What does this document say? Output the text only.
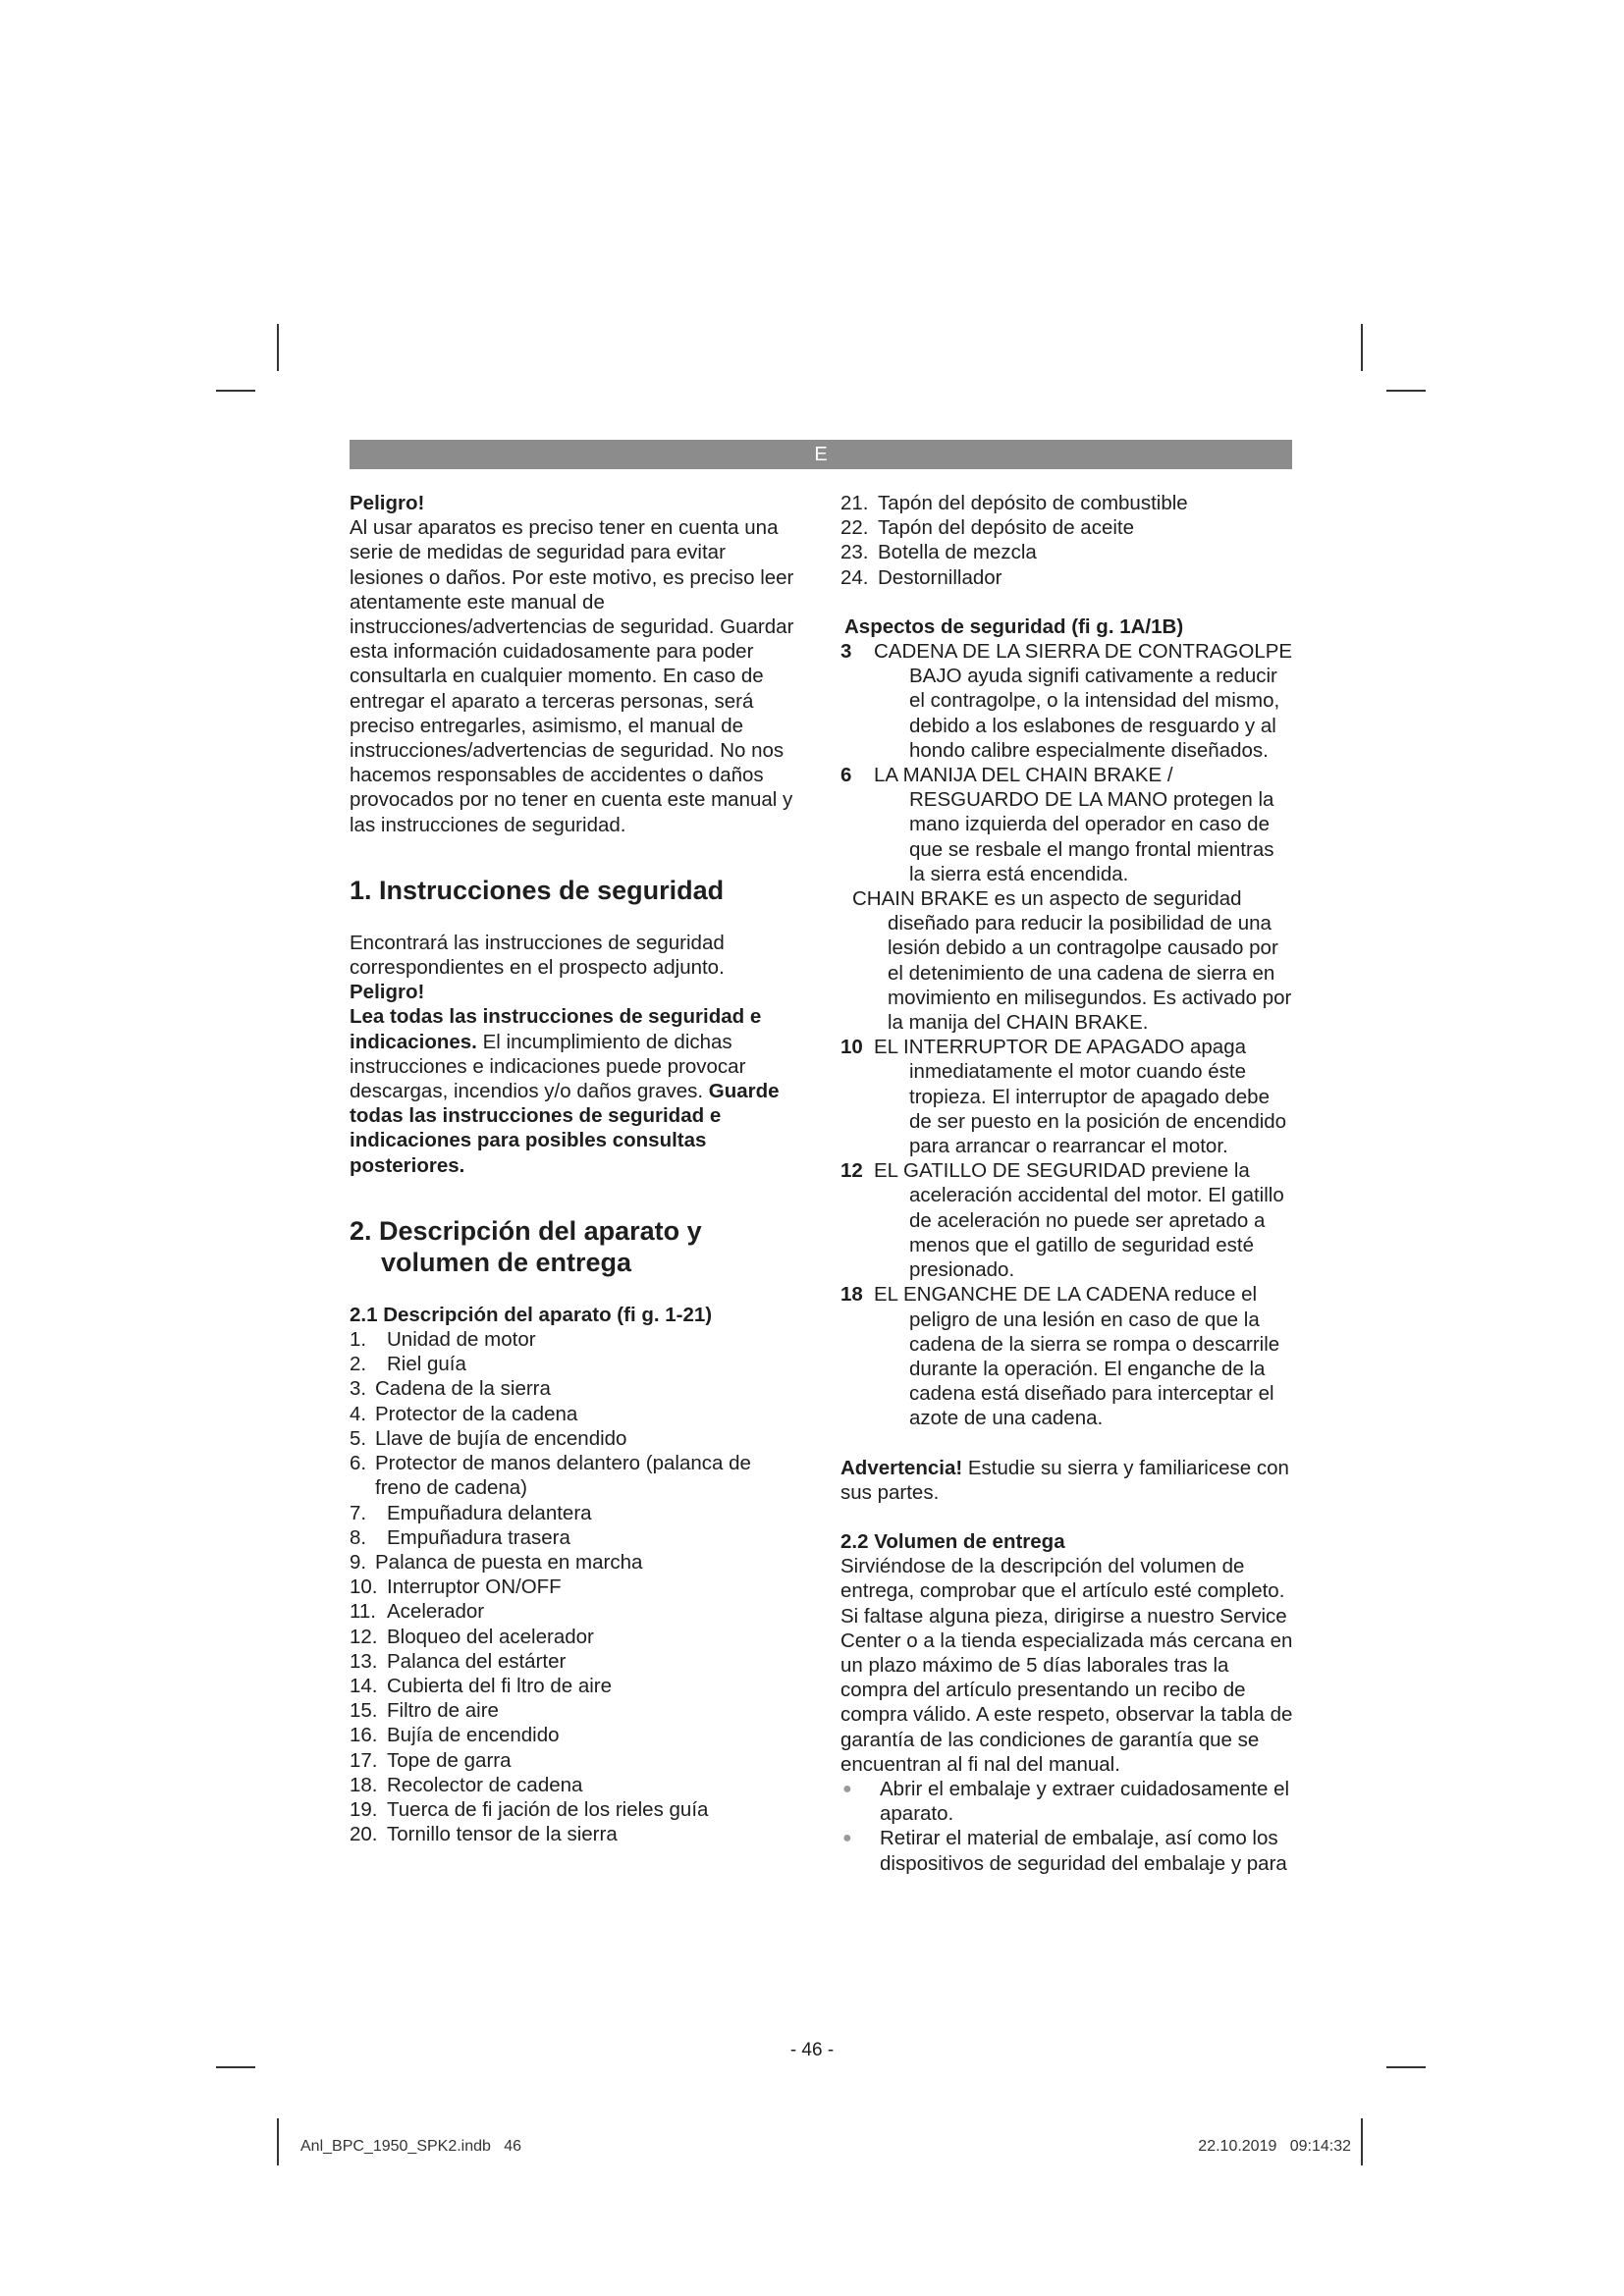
E

Peligro!

Al usar aparatos es preciso tener en cuenta una serie de medidas de seguridad para evitar lesiones o daños. Por este motivo, es preciso leer atentamente este manual de instrucciones/advertencias de seguridad. Guardar esta información cuidadosamente para poder consultarla en cualquier momento. En caso de entregar el aparato a terceras personas, será preciso entregarles, asimismo, el manual de instrucciones/advertencias de seguridad. No nos hacemos responsables de accidentes o daños provocados por no tener en cuenta este manual y las instrucciones de seguridad.

1. Instrucciones de seguridad

Encontrará las instrucciones de seguridad correspondientes en el prospecto adjunto.

Peligro!

Lea todas las instrucciones de seguridad e indicaciones. El incumplimiento de dichas instrucciones e indicaciones puede provocar descargas, incendios y/o daños graves. Guarde todas las instrucciones de seguridad e indicaciones para posibles consultas posteriores.

2. Descripción del aparato y
volumen de entrega
2.1 Descripción del aparato (fi g. 1-21)
1.	Unidad de motor
2.	Riel guía
3. Cadena de la sierra
4. Protector de la cadena
5. Llave de bujía de encendido
6. Protector de manos delantero (palanca de freno de cadena)
7.	Empuñadura delantera
8.	Empuñadura trasera
9. Palanca de puesta en marcha
10. Interruptor ON/OFF
11. Acelerador
12. Bloqueo del acelerador
13. Palanca del estárter
14. Cubierta del fi ltro de aire
15. Filtro de aire
16. Bujía de encendido
17. Tope de garra
18. Recolector de cadena
19. Tuerca de fi jación de los rieles guía
20. Tornillo tensor de la sierra
21. Tapón del depósito de combustible
22. Tapón del depósito de aceite
23. Botella de mezcla
24. Destornillador
Aspectos de seguridad (fi g. 1A/1B)
3	CADENA DE LA SIERRA DE CONTRAGOLPE BAJO ayuda signifi cativamente a reducir el contragolpe, o la intensidad del mismo, debido a los eslabones de resguardo y al hondo calibre especialmente diseñados.
6	LA MANIJA DEL CHAIN BRAKE / RESGUARDO DE LA MANO protegen la mano izquierda del operador en caso de que se resbale el mango frontal mientras la sierra está encendida.

CHAIN BRAKE es un aspecto de seguridad diseñado para reducir la posibilidad de una lesión debido a un contragolpe causado por el detenimiento de una cadena de sierra en movimiento en milisegundos. Es activado por la manija del CHAIN BRAKE.

10 EL INTERRUPTOR DE APAGADO apaga inmediatamente el motor cuando éste tropieza. El interruptor de apagado debe de ser puesto en la posición de encendido para arrancar o rearrancar el motor.
12 EL GATILLO DE SEGURIDAD previene la aceleración accidental del motor. El gatillo de aceleración no puede ser apretado a menos que el gatillo de seguridad esté presionado.
18 EL ENGANCHE DE LA CADENA reduce el peligro de una lesión en caso de que la cadena de la sierra se rompa o descarrile durante la operación. El enganche de la cadena está diseñado para interceptar el azote de una cadena.

Advertencia! Estudie su sierra y familiaricese con sus partes.

2.2 Volumen de entrega

Sirviéndose de la descripción del volumen de entrega, comprobar que el artículo esté completo. Si faltase alguna pieza, dirigirse a nuestro Service Center o a la tienda especializada más cercana en un plazo máximo de 5 días laborales tras la compra del artículo presentando un recibo de compra válido. A este respeto, observar la tabla de garantía de las condiciones de garantía que se encuentran al fi nal del manual.

●	Abrir el embalaje y extraer cuidadosamente el aparato.
●	Retirar el material de embalaje, así como los dispositivos de seguridad del embalaje y para
- 46 -
Anl_BPC_1950_SPK2.indb   46	22.10.2019   09:14:32
